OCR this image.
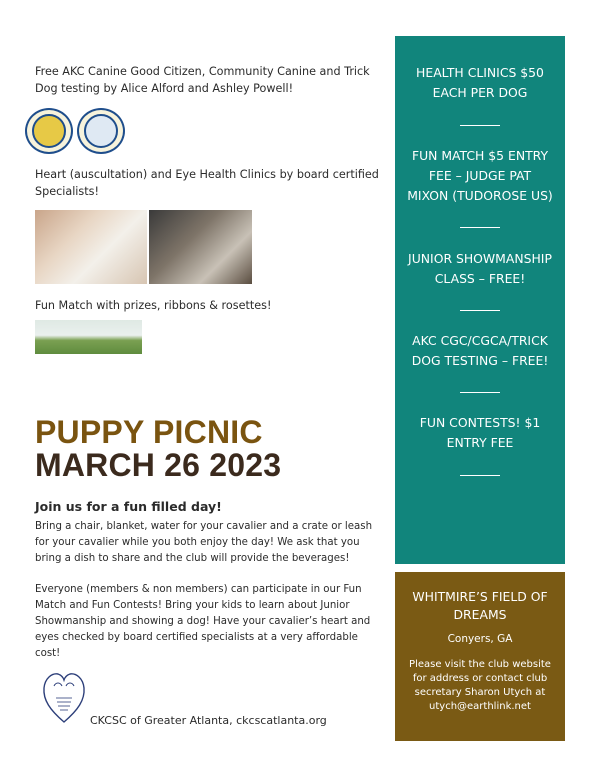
Free AKC Canine Good Citizen, Community Canine and Trick Dog testing by Alice Alford and Ashley Powell!

Heart (auscultation) and Eye Health Clinics by board certified Specialists!

Fun Match with prizes, ribbons & rosettes!

PUPPY PICNIC
MARCH 26 2023

Join us for a fun filled day!

Bring a chair, blanket, water for your cavalier and a crate or leash for your cavalier while you both enjoy the day! We ask that you bring a dish to share and the club will provide the beverages!

Everyone (members & non members) can participate in our Fun Match and Fun Contests! Bring your kids to learn about Junior Showmanship and showing a dog! Have your cavalier’s heart and eyes checked by board certified specialists at a very affordable cost!

CKCSC of Greater Atlanta, ckcscatlanta.org
HEALTH CLINICS $50 EACH PER DOG
FUN MATCH $5 ENTRY FEE – JUDGE PAT MIXON (TUDOROSE US)
JUNIOR SHOWMANSHIP CLASS – FREE!
AKC CGC/CGCA/TRICK DOG TESTING – FREE!
FUN CONTESTS! $1 ENTRY FEE
WHITMIRE’S FIELD OF DREAMS
Conyers, GA
Please visit the club website for address or contact club secretary Sharon Utych at utych@earthlink.net
